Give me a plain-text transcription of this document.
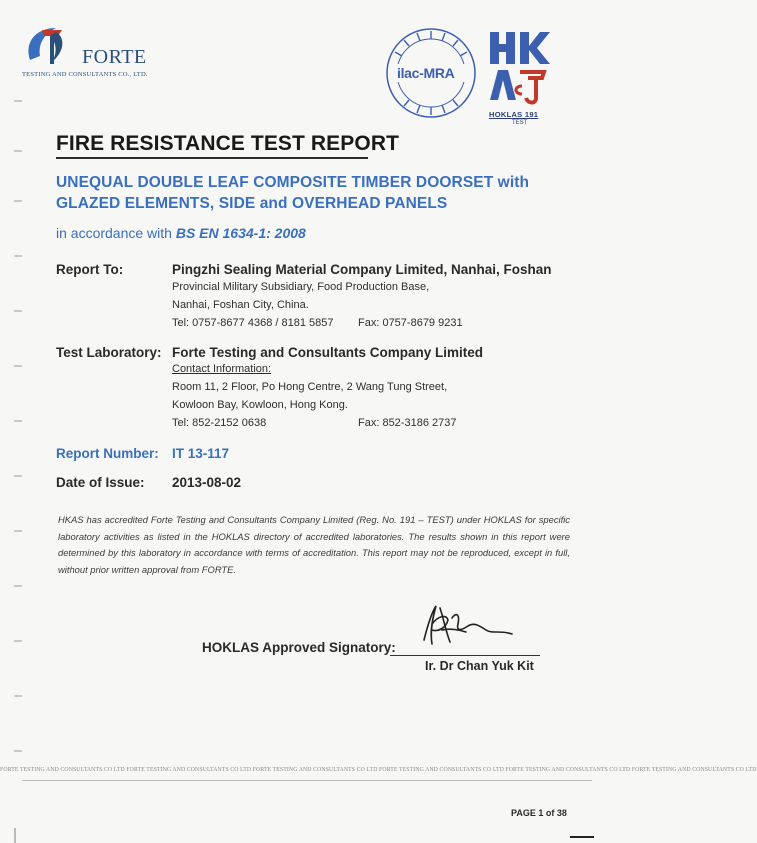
FORTE
TESTING AND CONSULTANTS CO., LTD.	ilac-MRA
HOKLAS 191
TEST
FIRE RESISTANCE TEST REPORT
UNEQUAL DOUBLE LEAF COMPOSITE TIMBER DOORSET with
GLAZED ELEMENTS, SIDE and OVERHEAD PANELS
in accordance with BS EN 1634-1: 2008
Report To:	Pingzhi Sealing Material Company Limited, Nanhai, Foshan
Provincial Military Subsidiary, Food Production Base,
Nanhai, Foshan City, China.
Tel: 0757-8677 4368 / 8181 5857 Fax: 0757-8679 9231
Test Laboratory: Forte Testing and Consultants Company Limited
Contact Information:
Room 11, 2 Floor, Po Hong Centre, 2 Wang Tung Street,
Kowloon Bay, Kowloon, Hong Kong.
Tel: 852-2152 0638	Fax: 852-3186 2737
Report Number: IT 13-117
Date of Issue: 2013-08-02
HKAS has accredited Forte Testing and Consultants Company Limited (Reg. No. 191 – TEST) under HOKLAS for specific laboratory activities as listed in the HOKLAS directory of accredited laboratories. The results shown in this report were determined by this laboratory in accordance with terms of accreditation. This report may not be reproduced, except in full, without prior written approval from FORTE.
HOKLAS Approved Signatory:
Ir. Dr Chan Yuk Kit
FORTE TESTING AND CONSULTANTS CO LTD FORTE TESTING AND CONSULTANTS CO LTD FORTE TESTING AND CONSULTANTS CO LTD FORTE TESTING AND CONSULTANTS CO LTD FORTE TESTING AND CONSULTANTS CO LTD FORTE TESTING AND CONSULTANTS CO LTD
PAGE 1 of 38
